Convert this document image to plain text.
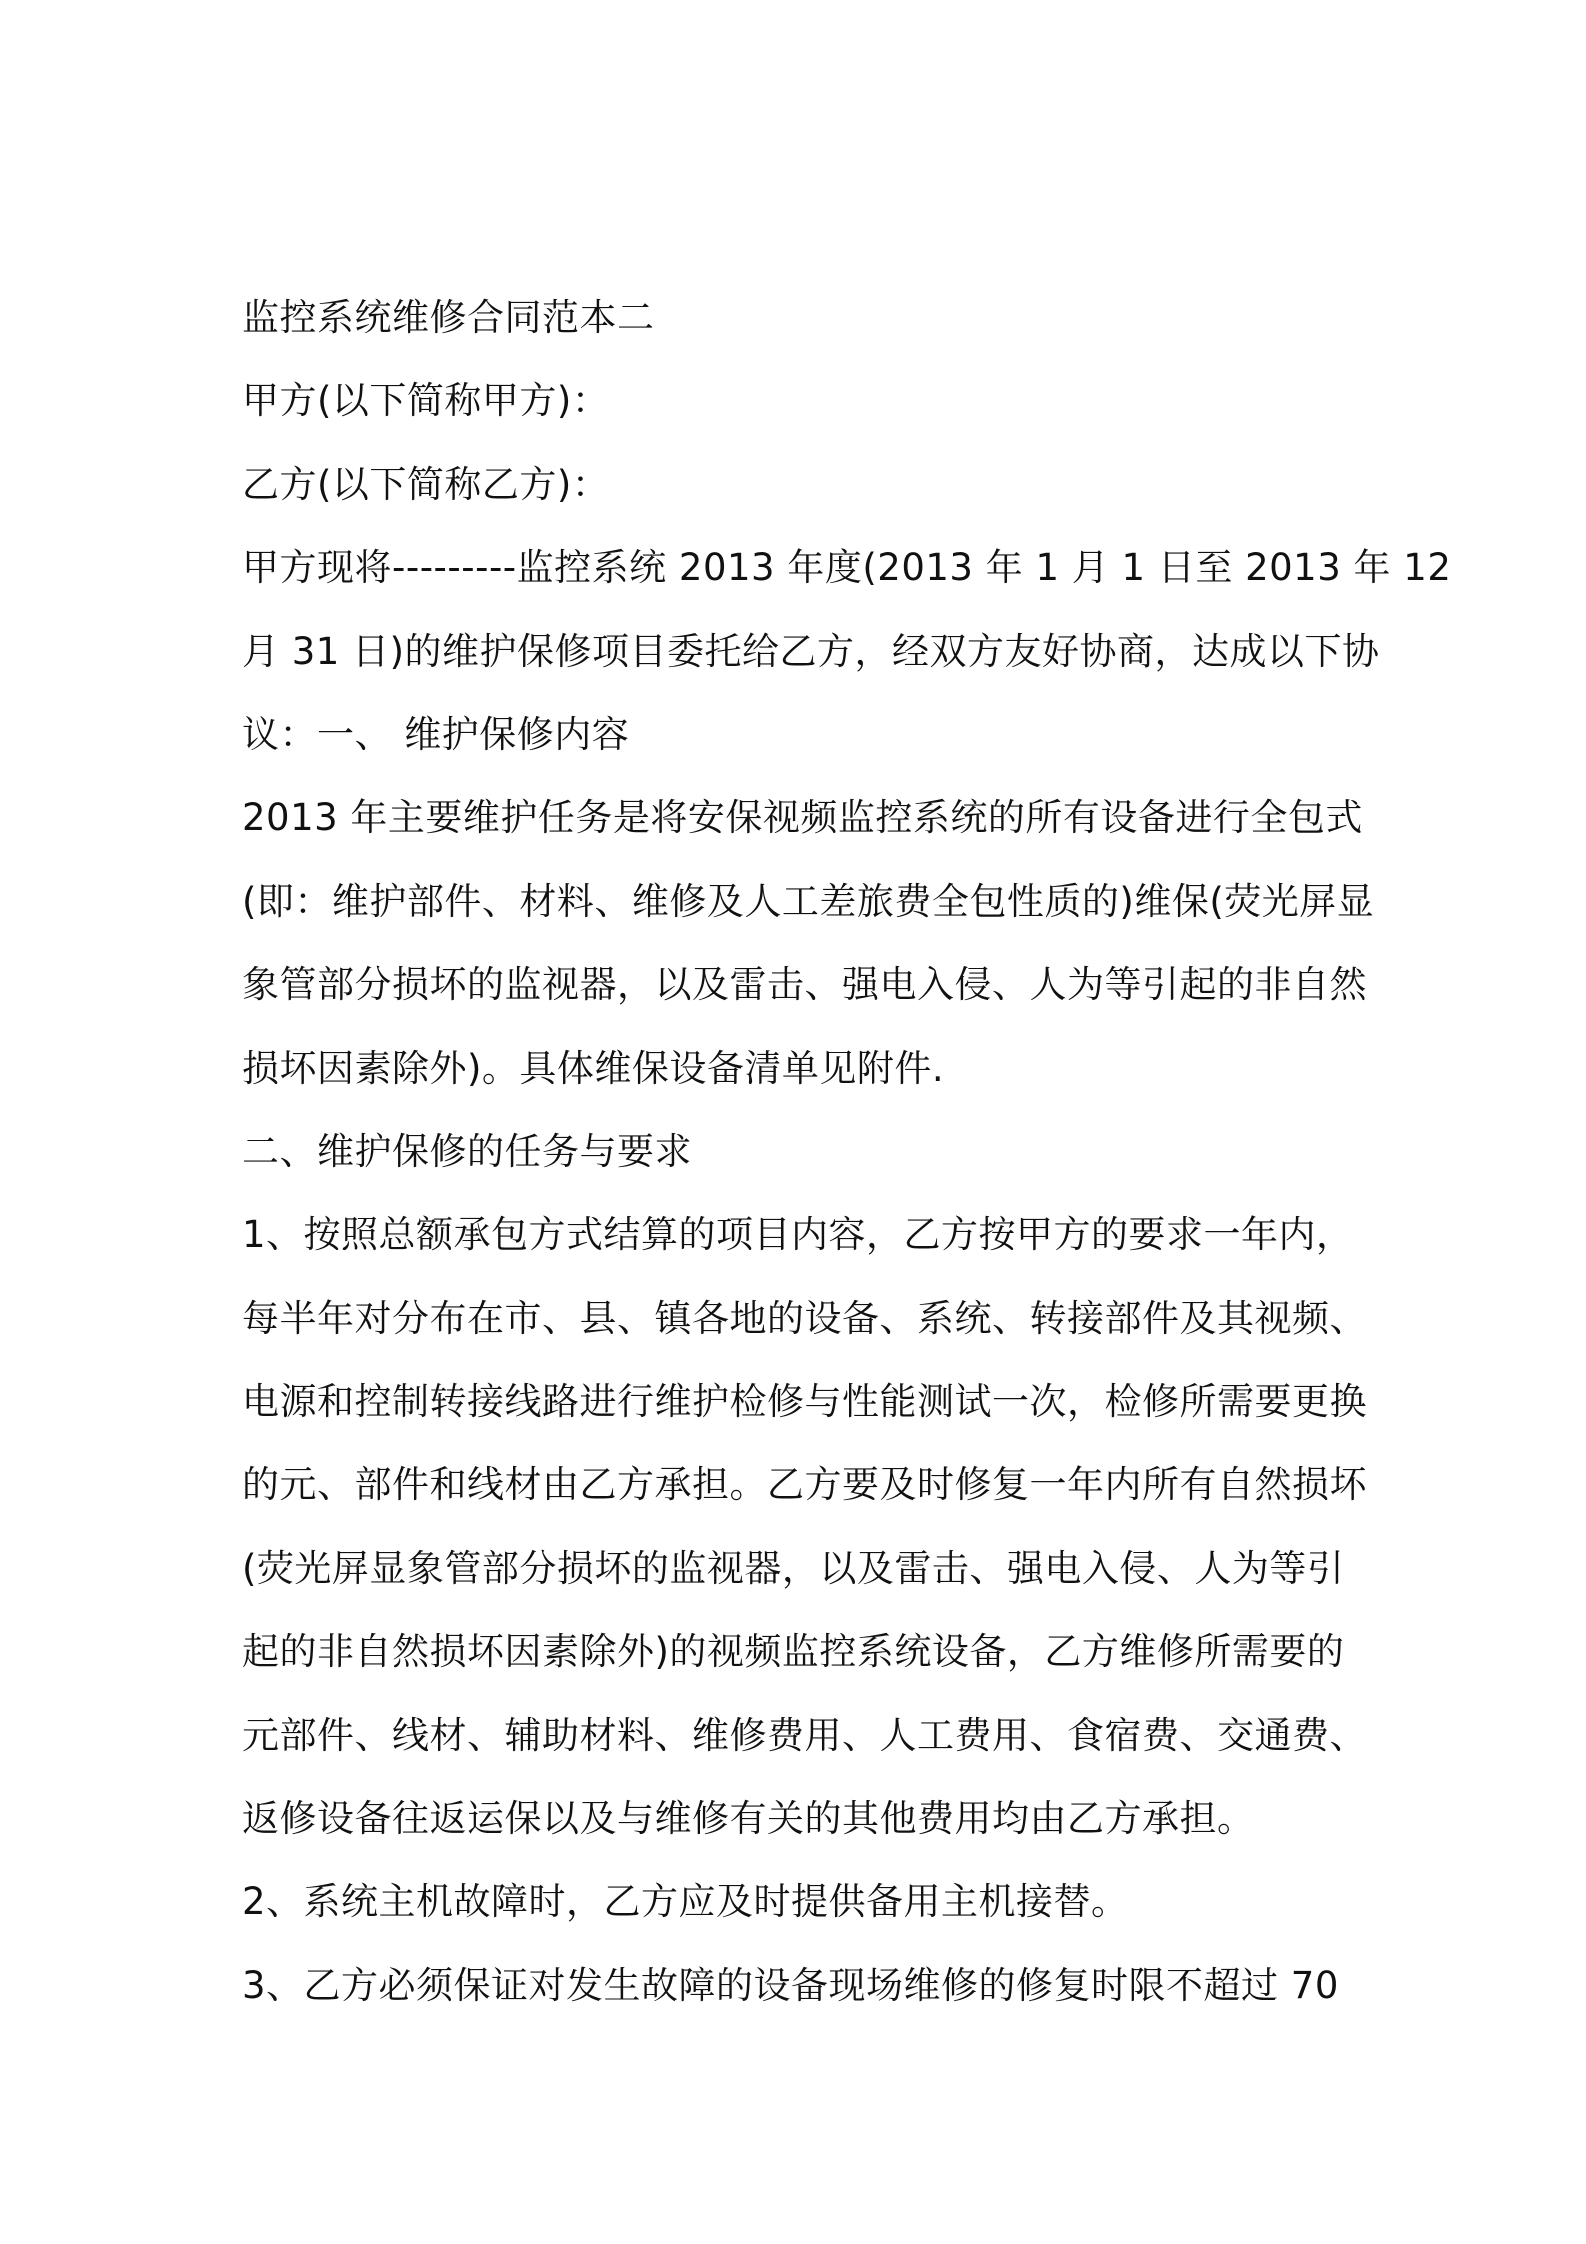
监控系统维修合同范本二
甲方(以下简称甲方)：
乙方(以下简称乙方)：
甲方现将---------监控系统 2013 年度(2013 年 1 月 1 日至 2013 年 12
月 31 日)的维护保修项目委托给乙方，经双方友好协商，达成以下协
议：一、 维护保修内容
2013 年主要维护任务是将安保视频监控系统的所有设备进行全包式
(即：维护部件、材料、维修及人工差旅费全包性质的)维保(荧光屏显
象管部分损坏的监视器，以及雷击、强电入侵、人为等引起的非自然
损坏因素除外)。具体维保设备清单见附件.
二、维护保修的任务与要求
1、按照总额承包方式结算的项目内容，乙方按甲方的要求一年内，
每半年对分布在市、县、镇各地的设备、系统、转接部件及其视频、
电源和控制转接线路进行维护检修与性能测试一次，检修所需要更换
的元、部件和线材由乙方承担。乙方要及时修复一年内所有自然损坏
(荧光屏显象管部分损坏的监视器，以及雷击、强电入侵、人为等引
起的非自然损坏因素除外)的视频监控系统设备，乙方维修所需要的
元部件、线材、辅助材料、维修费用、人工费用、食宿费、交通费、
返修设备往返运保以及与维修有关的其他费用均由乙方承担。
2、系统主机故障时，乙方应及时提供备用主机接替。
3、乙方必须保证对发生故障的设备现场维修的修复时限不超过 70
